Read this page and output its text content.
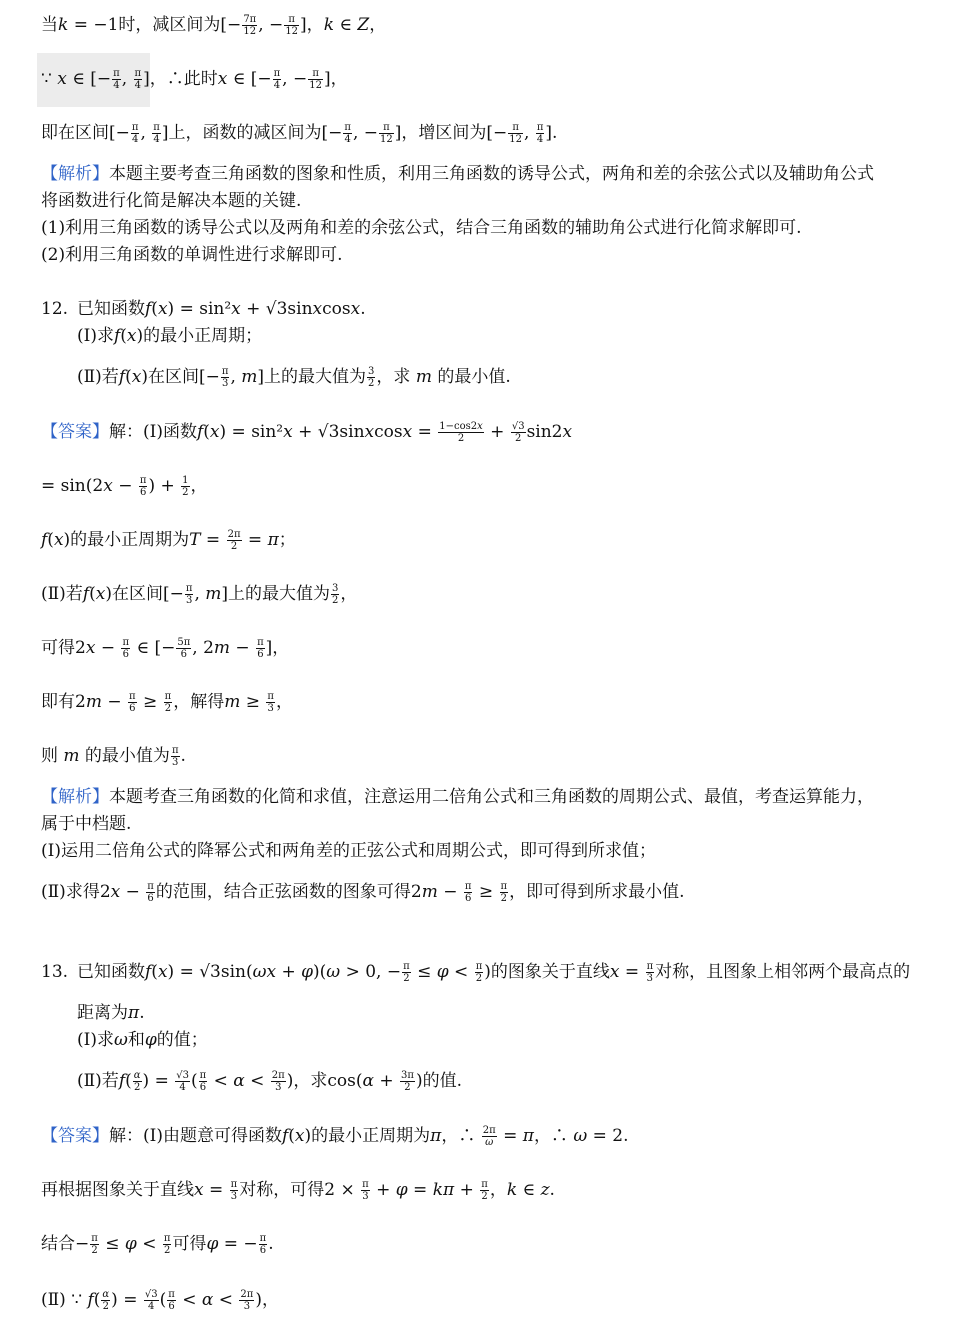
当k = −1时，减区间为[− $\frac{7\pi}{12}$ , − $\frac{\pi}{12}$ ]，k ∈ Z，
∵ x ∈ [− $\frac{\pi}{4}$ , $\frac{\pi}{4}$ ]，∴此时x ∈ [− $\frac{\pi}{4}$ , − $\frac{\pi}{12}$ ]，
即在区间[− $\frac{\pi}{4}$ , $\frac{\pi}{4}$ ]上，函数的减区间为[− $\frac{\pi}{4}$ , − $\frac{\pi}{12}$ ]，增区间为[− $\frac{\pi}{12}$ , $\frac{\pi}{4}$ ].
【解析】本题主要考查三角函数的图象和性质，利用三角函数的诱导公式，两角和差的余弦公式以及辅助角公式
将函数进行化简是解决本题的关键.
(1)利用三角函数的诱导公式以及两角和差的余弦公式，结合三角函数的辅助角公式进行化简求解即可.
(2)利用三角函数的单调性进行求解即可.
12. 已知函数f(x) = sin²x + √3sinxcosx.
(Ⅰ)求f(x)的最小正周期；
(Ⅱ)若f(x)在区间[− $\frac{\pi}{3}$ , m]上的最大值为 $\frac{3}{2}$ ，求 m 的最小值.
【答案】解：(Ⅰ)函数f(x) = sin²x + √3sinxcosx = $\frac{1-\cos 2x}{2} + \frac{√3}{2} \sin 2x$
= $\sin(2x - \frac{\pi}{6}$ ) + $\frac{1}{2}$ ，
f(x)的最小正周期为$T = \frac{2\pi}{2} = \pi$；
(Ⅱ)若f(x)在区间[− $\frac{\pi}{3}$ , m]上的最大值为 $\frac{3}{2}$ ，
可得$2x - \frac{\pi}{6}$ ∈ [− $\frac{5\pi}{6}$ , $2m - \frac{\pi}{6}$ ]，
即有$2m - \frac{\pi}{6} \ge \frac{\pi}{2}$ ，解得$m \ge \frac{\pi}{3}$ ，
则 m 的最小值为 $\frac{\pi}{3}$ .
【解析】本题考查三角函数的化简和求值，注意运用二倍角公式和三角函数的周期公式、最值，考查运算能力，
属于中档题.
(Ⅰ)运用二倍角公式的降幂公式和两角差的正弦公式和周期公式，即可得到所求值；
(Ⅱ)求得$2x - \frac{\pi}{6}$ 的范围，结合正弦函数的图象可得$2m - \frac{\pi}{6} \ge \frac{\pi}{2}$ ，即可得到所求最小值.
13. 已知函数f(x) = √3sin(ωx + φ)(ω > 0, − $\frac{\pi}{2} \le \varphi < \frac{\pi}{2}$ )的图象关于直线$x = \frac{\pi}{3}$ 对称，且图象上相邻两个最高点的
距离为π.
(Ⅰ)求ω和φ的值；
(Ⅱ)若$f( \frac{\alpha}{2}$ ) = $\frac{√3}{4}$ ( $\frac{\pi}{6} < \alpha < \frac{2\pi}{3}$ )，求$\cos(\alpha + \frac{3\pi}{2}$ )的值.
【答案】解：(Ⅰ)由题意可得函数f(x)的最小正周期为π，∴ $\frac{2\pi}{\omega} = \pi$，∴ ω = 2.
再根据图象关于直线$x = \frac{\pi}{3}$ 对称，可得$2 \times \frac{\pi}{3} + \varphi = k\pi + \frac{\pi}{2}$ ，k ∈ z.
结合− $\frac{\pi}{2} \le \varphi < \frac{\pi}{2}$ 可得φ = − $\frac{\pi}{6}$ .
(Ⅱ) ∵ $f( \frac{\alpha}{2}$ ) = $\frac{√3}{4}$ ( $\frac{\pi}{6} < \alpha < \frac{2\pi}{3}$ )，
